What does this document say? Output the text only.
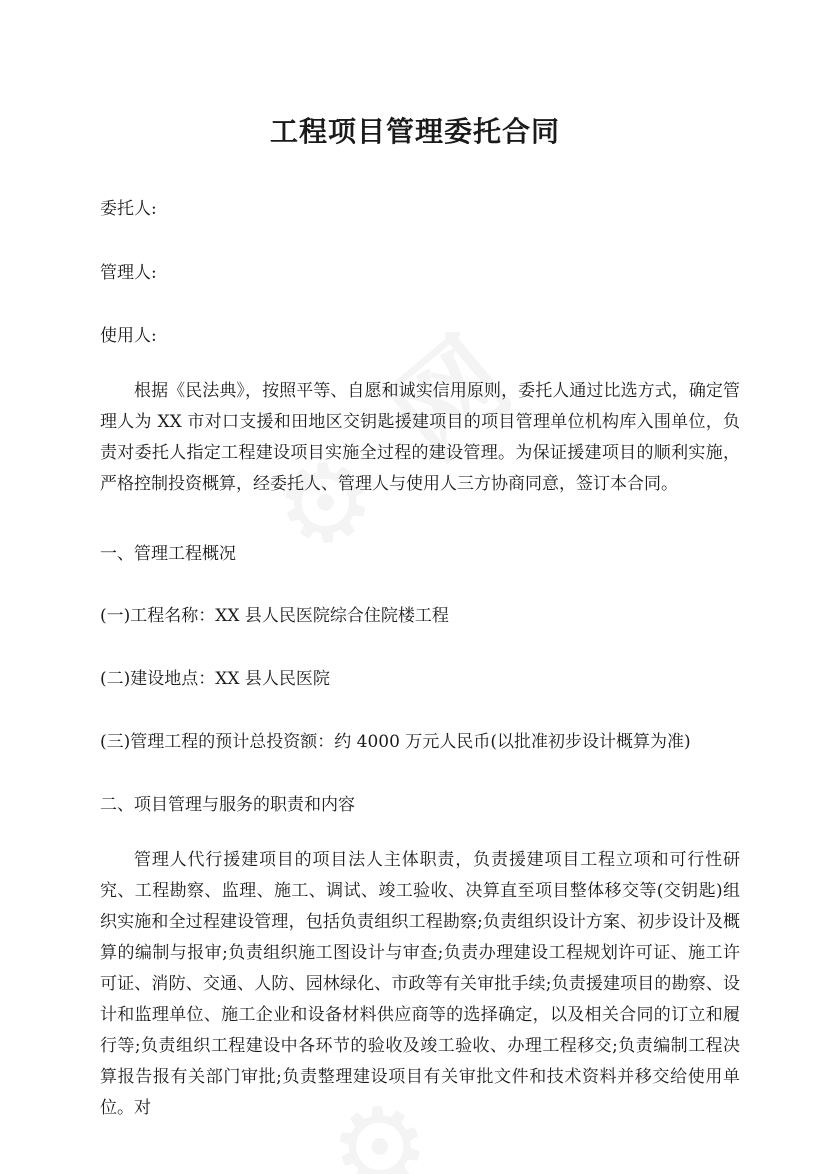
工程项目管理委托合同
委托人:
管理人:
使用人:
根据《民法典》，按照平等、自愿和诚实信用原则，委托人通过比选方式，确定管理人为 XX 市对口支援和田地区交钥匙援建项目的项目管理单位机构库入围单位，负责对委托人指定工程建设项目实施全过程的建设管理。为保证援建项目的顺利实施，严格控制投资概算，经委托人、管理人与使用人三方协商同意，签订本合同。
一、管理工程概况
(一)工程名称：XX 县人民医院综合住院楼工程
(二)建设地点：XX 县人民医院
(三)管理工程的预计总投资额：约 4000 万元人民币(以批准初步设计概算为准)
二、项目管理与服务的职责和内容
管理人代行援建项目的项目法人主体职责，负责援建项目工程立项和可行性研究、工程勘察、监理、施工、调试、竣工验收、决算直至项目整体移交等(交钥匙)组织实施和全过程建设管理，包括负责组织工程勘察;负责组织设计方案、初步设计及概算的编制与报审;负责组织施工图设计与审查;负责办理建设工程规划许可证、施工许可证、消防、交通、人防、园林绿化、市政等有关审批手续;负责援建项目的勘察、设计和监理单位、施工企业和设备材料供应商等的选择确定，以及相关合同的订立和履行等;负责组织工程建设中各环节的验收及竣工验收、办理工程移交;负责编制工程决算报告报有关部门审批;负责整理建设项目有关审批文件和技术资料并移交给使用单位。对
